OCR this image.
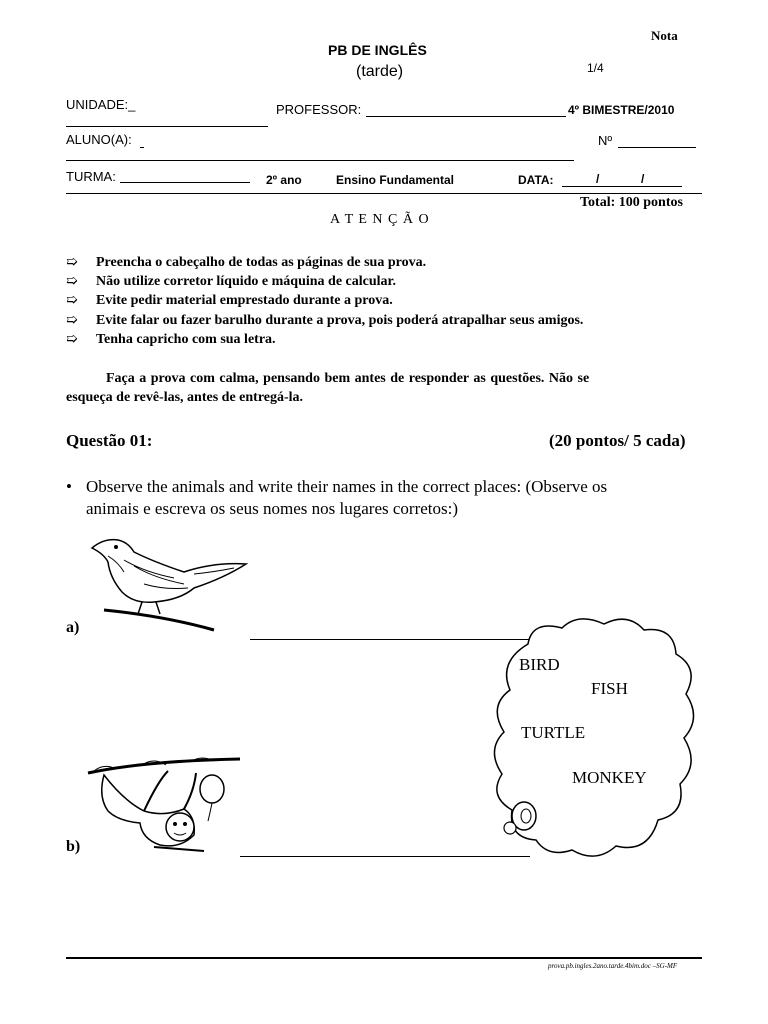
Nota
PB DE INGLÊS
(tarde)	1/4
UNIDADE:_	PROFESSOR:	4º BIMESTRE/2010
ALUNO(A):	Nº
TURMA:	2º ano	Ensino Fundamental	DATA:	/	/
Total: 100 pontos
A T E N Ç Ã O
➯ Preencha o cabeçalho de todas as páginas de sua prova.
➯ Não utilize corretor líquido e máquina de calcular.
➯ Evite pedir material emprestado durante a prova.
➯ Evite falar ou fazer barulho durante a prova, pois poderá atrapalhar seus amigos.
➯ Tenha capricho com sua letra.
Faça a prova com calma, pensando bem antes de responder as questões. Não se
esqueça de revê-las, antes de entregá-la.
Questão 01:	(20 pontos/ 5 cada)
• Observe the animals and write their names in the correct places: (Observe os
animais e escreva os seus nomes nos lugares corretos:)
a)
b)
BIRD
FISH
TURTLE
MONKEY
prova.pb.ingles.2ano.tarde.4bim.doc –SG-MF
